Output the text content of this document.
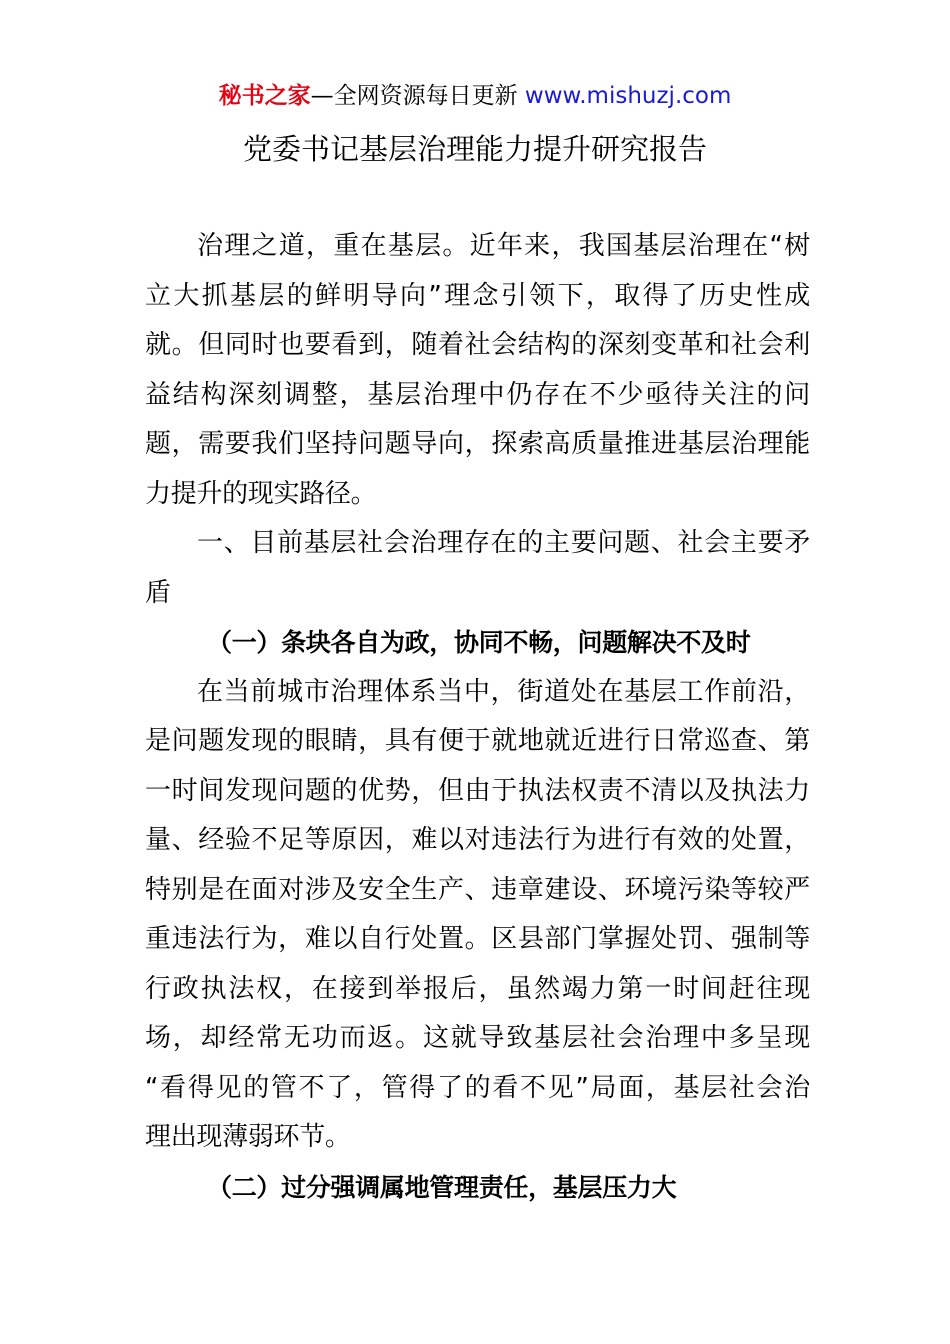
秘书之家—全网资源每日更新 www.mishuzj.com
党委书记基层治理能力提升研究报告
治理之道，重在基层。近年来，我国基层治理在“树
立大抓基层的鲜明导向”理念引领下，取得了历史性成
就。但同时也要看到，随着社会结构的深刻变革和社会利
益结构深刻调整，基层治理中仍存在不少亟待关注的问
题，需要我们坚持问题导向，探索高质量推进基层治理能
力提升的现实路径。
一、目前基层社会治理存在的主要问题、社会主要矛
盾
（一）条块各自为政，协同不畅，问题解决不及时
在当前城市治理体系当中，街道处在基层工作前沿，
是问题发现的眼睛，具有便于就地就近进行日常巡查、第
一时间发现问题的优势，但由于执法权责不清以及执法力
量、经验不足等原因，难以对违法行为进行有效的处置，
特别是在面对涉及安全生产、违章建设、环境污染等较严
重违法行为，难以自行处置。区县部门掌握处罚、强制等
行政执法权，在接到举报后，虽然竭力第一时间赶往现
场，却经常无功而返。这就导致基层社会治理中多呈现
“看得见的管不了，管得了的看不见”局面，基层社会治
理出现薄弱环节。
（二）过分强调属地管理责任，基层压力大
